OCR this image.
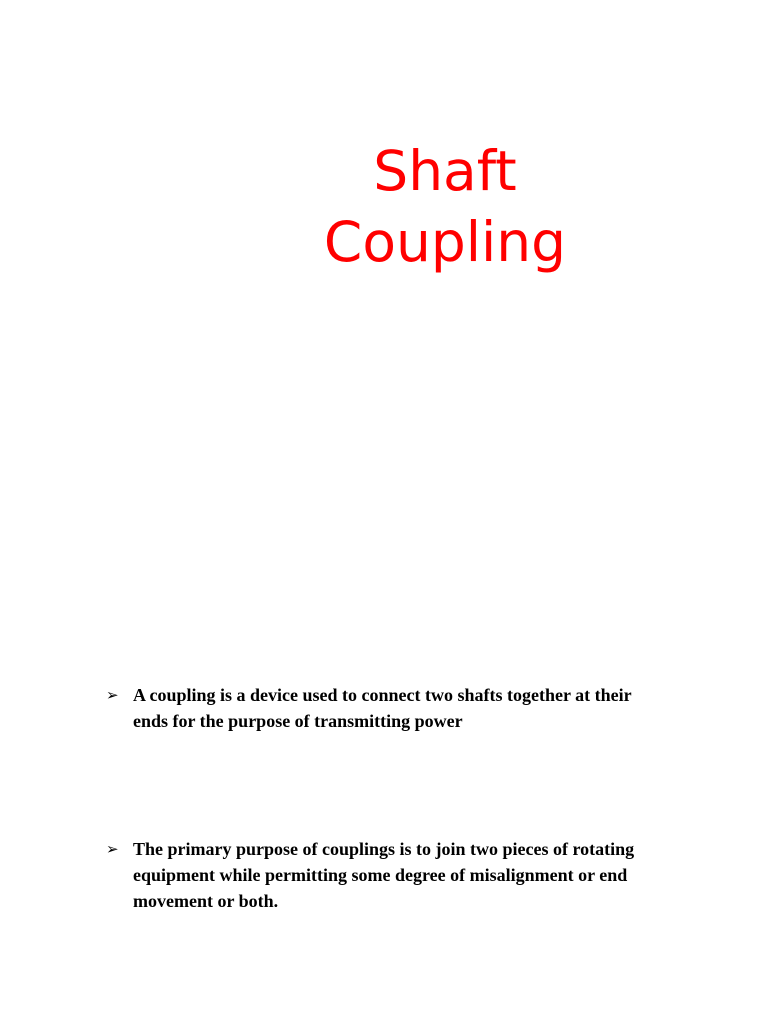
Shaft
Coupling
➢ A coupling is a device used to connect two shafts together at their ends for the purpose of transmitting power
➢ The primary purpose of couplings is to join two pieces of rotating equipment while permitting some degree of misalignment or end movement or both.
